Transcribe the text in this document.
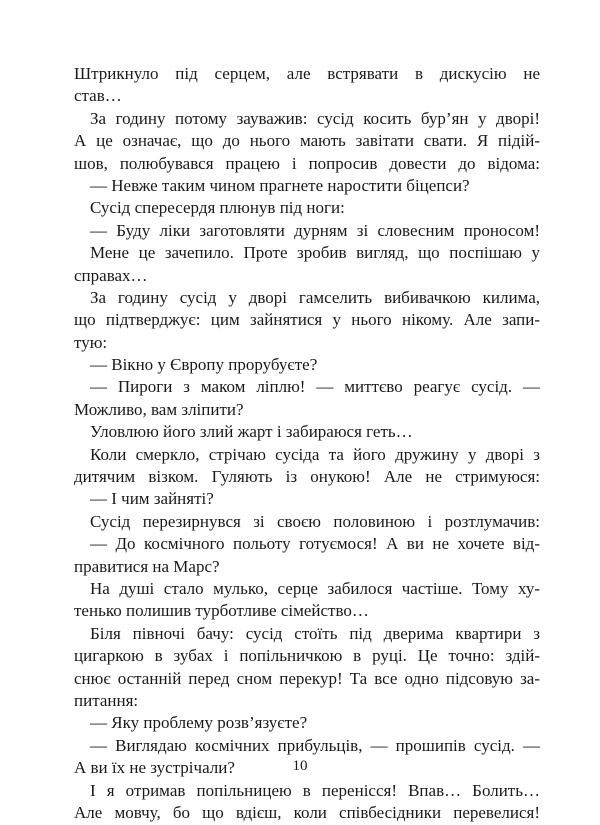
Штрикнуло під серцем, але встрявати в дискусію не
став…
За годину потому зауважив: сусід косить бур’ян у дворі!
А це означає, що до нього мають завітати свати. Я підій-
шов, полюбувався працею і попросив довести до відома:
— Невже таким чином прагнете наростити біцепси?
Сусід спересердя плюнув під ноги:
— Буду ліки заготовляти дурням зі словесним проносом!
Мене це зачепило. Проте зробив вигляд, що поспішаю у
справах…
За годину сусід у дворі гамселить вибивачкою килима,
що підтверджує: цим зайнятися у нього нікому. Але запи-
тую:
— Вікно у Європу прорубуєте?
— Пироги з маком ліплю! — миттєво реагує сусід. —
Можливо, вам зліпити?
Уловлюю його злий жарт і забираюся геть…
Коли смеркло, стрічаю сусіда та його дружину у дворі з
дитячим візком. Гуляють із онукою! Але не стримуюся:
— І чим зайняті?
Сусід перезирнувся зі своєю половиною і розтлумачив:
— До космічного польоту готуємося! А ви не хочете від-
правитися на Марс?
На душі стало мулько, серце забилося частіше. Тому ху-
тенько полишив турботливе сімейство…
Біля півночі бачу: сусід стоїть під дверима квартири з
цигаркою в зубах і попільничкою в руці. Це точно: здій-
снює останній перед сном перекур! Та все одно підсовую за-
питання:
— Яку проблему розв’язуєте?
— Виглядаю космічних прибульців, — прошипів сусід. —
А ви їх не зустрічали?
І я отримав попільницею в перенісся! Впав… Болить…
Але мовчу, бо що вдієш, коли співбесідники перевелися!
10
